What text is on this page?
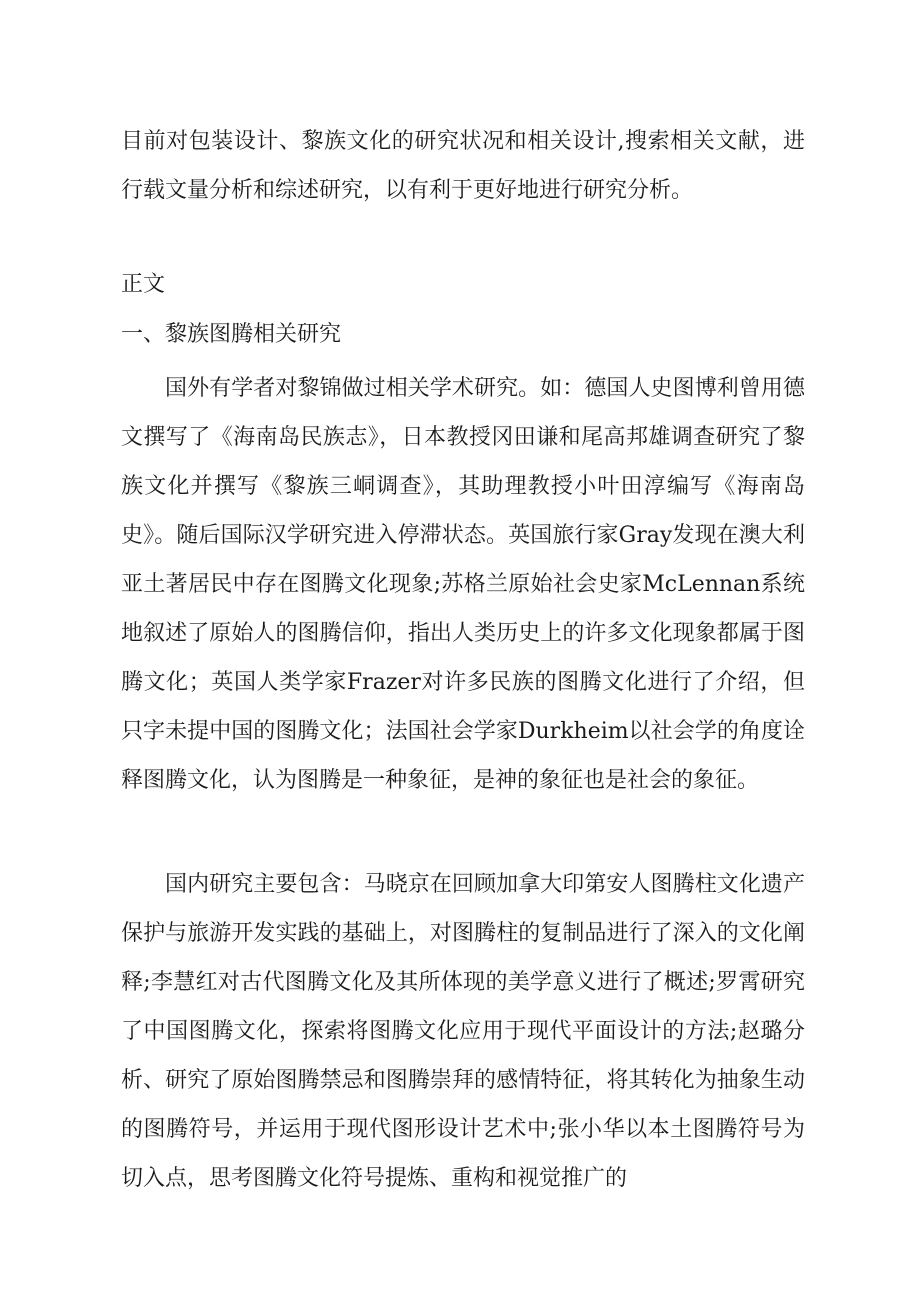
目前对包装设计、黎族文化的研究状况和相关设计,搜索相关文献，进行载文量分析和综述研究，以有利于更好地进行研究分析。

正文

一、黎族图腾相关研究

国外有学者对黎锦做过相关学术研究。如：德国人史图博利曾用德文撰写了《海南岛民族志》，日本教授冈田谦和尾高邦雄调查研究了黎族文化并撰写《黎族三峒调查》，其助理教授小叶田淳编写《海南岛史》。随后国际汉学研究进入停滞状态。英国旅行家Gray发现在澳大利亚土著居民中存在图腾文化现象;苏格兰原始社会史家McLennan系统地叙述了原始人的图腾信仰，指出人类历史上的许多文化现象都属于图腾文化；英国人类学家Frazer对许多民族的图腾文化进行了介绍，但只字未提中国的图腾文化；法国社会学家Durkheim以社会学的角度诠释图腾文化，认为图腾是一种象征，是神的象征也是社会的象征。

国内研究主要包含：马晓京在回顾加拿大印第安人图腾柱文化遗产保护与旅游开发实践的基础上，对图腾柱的复制品进行了深入的文化阐释;李慧红对古代图腾文化及其所体现的美学意义进行了概述;罗霄研究了中国图腾文化，探索将图腾文化应用于现代平面设计的方法;赵璐分析、研究了原始图腾禁忌和图腾崇拜的感情特征，将其转化为抽象生动的图腾符号，并运用于现代图形设计艺术中;张小华以本土图腾符号为切入点，思考图腾文化符号提炼、重构和视觉推广的
